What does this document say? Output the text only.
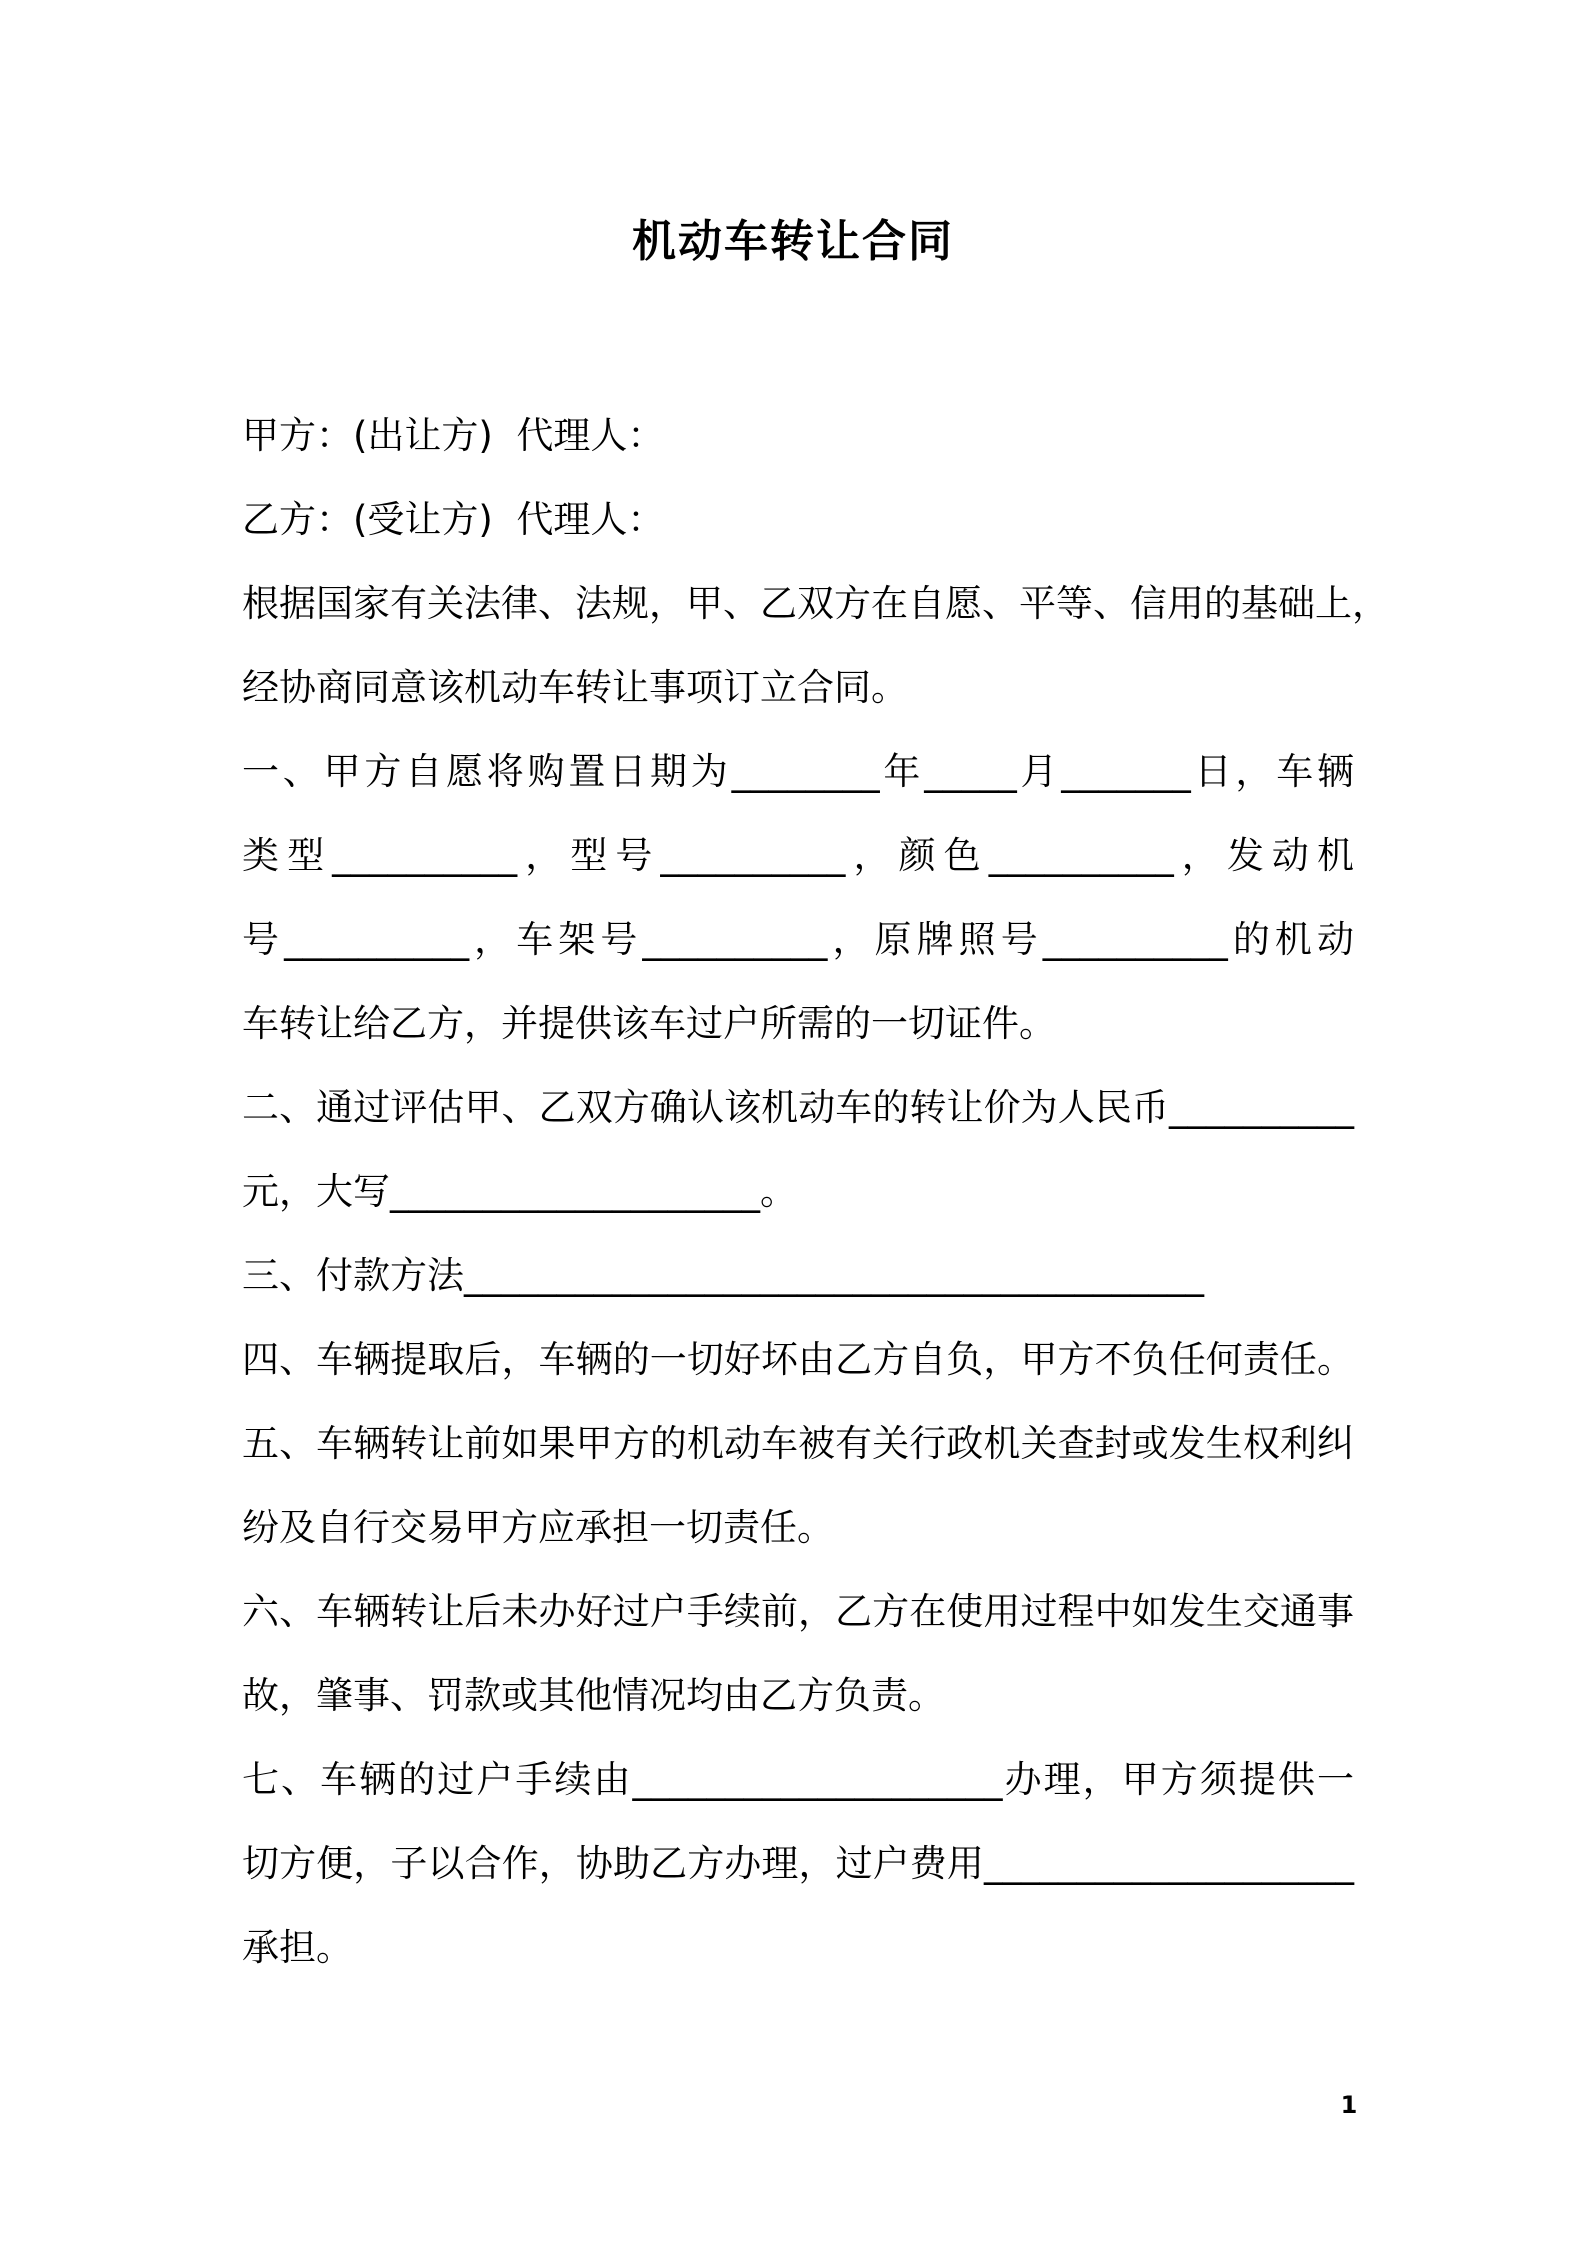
机动车转让合同
甲方：(出让方)  代理人：
乙方：(受让方)  代理人：
根据国家有关法律、法规，甲、乙双方在自愿、平等、信用的基础上，
经协商同意该机动车转让事项订立合同。
一、甲方自愿将购置日期为________年_____月_______日，车辆
类型__________，型号__________，颜色__________，发动机
号__________，车架号__________，原牌照号__________的机动
车转让给乙方，并提供该车过户所需的一切证件。
二、通过评估甲、乙双方确认该机动车的转让价为人民币__________
元，大写____________________。
三、付款方法________________________________________
四、车辆提取后，车辆的一切好坏由乙方自负，甲方不负任何责任。
五、车辆转让前如果甲方的机动车被有关行政机关查封或发生权利纠
纷及自行交易甲方应承担一切责任。
六、车辆转让后未办好过户手续前，乙方在使用过程中如发生交通事
故，肇事、罚款或其他情况均由乙方负责。
七、车辆的过户手续由____________________办理，甲方须提供一
切方便，子以合作，协助乙方办理，过户费用____________________
承担。
1
